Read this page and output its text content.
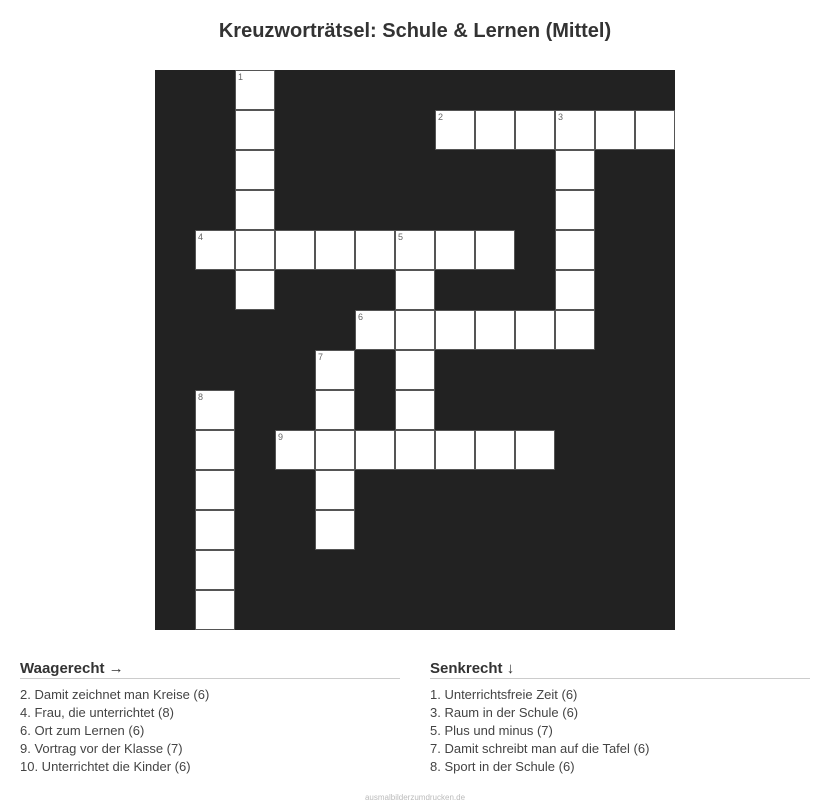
Kreuzworträtsel: Schule & Lernen (Mittel)
1
2	3
4	5
6
7
9
8
Waagerecht →
2. Damit zeichnet man Kreise (6)
4. Frau, die unterrichtet (8)
6. Ort zum Lernen (6)
9. Vortrag vor der Klasse (7)
10. Unterrichtet die Kinder (6)
Senkrecht ↓
1. Unterrichtsfreie Zeit (6)
3. Raum in der Schule (6)
5. Plus und minus (7)
7. Damit schreibt man auf die Tafel (6)
8. Sport in der Schule (6)
ausmalbilderzumdrucken.de
